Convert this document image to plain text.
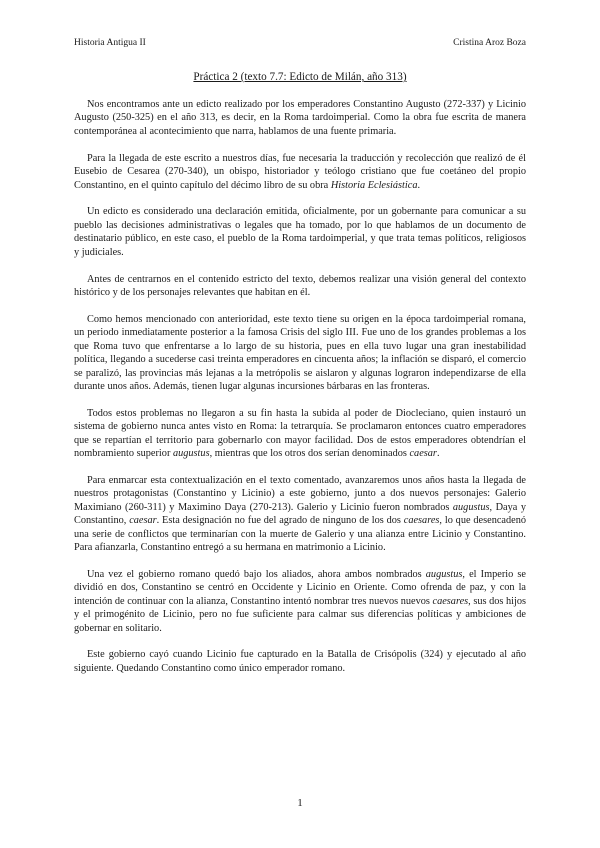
Historia Antigua II	Cristina Aroz Boza
Práctica 2 (texto 7.7: Edicto de Milán, año 313)

Nos encontramos ante un edicto realizado por los emperadores Constantino Augusto (272-337) y Licinio Augusto (250-325) en el año 313, es decir, en la Roma tardoimperial. Como la obra fue escrita de manera contemporánea al acontecimiento que narra, hablamos de una fuente primaria.

Para la llegada de este escrito a nuestros días, fue necesaria la traducción y recolección que realizó de él Eusebio de Cesarea (270-340), un obispo, historiador y teólogo cristiano que fue coetáneo del propio Constantino, en el quinto capítulo del décimo libro de su obra Historia Eclesiástica.

Un edicto es considerado una declaración emitida, oficialmente, por un gobernante para comunicar a su pueblo las decisiones administrativas o legales que ha tomado, por lo que hablamos de un documento de destinatario público, en este caso, el pueblo de la Roma tardoimperial, y que trata temas políticos, religiosos y judiciales.

Antes de centrarnos en el contenido estricto del texto, debemos realizar una visión general del contexto histórico y de los personajes relevantes que habitan en él.

Como hemos mencionado con anterioridad, este texto tiene su origen en la época tardoimperial romana, un periodo inmediatamente posterior a la famosa Crisis del siglo III. Fue uno de los grandes problemas a los que Roma tuvo que enfrentarse a lo largo de su historia, pues en ella tuvo lugar una gran inestabilidad política, llegando a sucederse casi treinta emperadores en cincuenta años; la inflación se disparó, el comercio se paralizó, las provincias más lejanas a la metrópolis se aislaron y algunas lograron independizarse de ella durante unos años. Además, tienen lugar algunas incursiones bárbaras en las fronteras.

Todos estos problemas no llegaron a su fin hasta la subida al poder de Diocleciano, quien instauró un sistema de gobierno nunca antes visto en Roma: la tetrarquía. Se proclamaron entonces cuatro emperadores que se repartían el territorio para gobernarlo con mayor facilidad. Dos de estos emperadores obtendrían el nombramiento superior augustus, mientras que los otros dos serían denominados caesar.

Para enmarcar esta contextualización en el texto comentado, avanzaremos unos años hasta la llegada de nuestros protagonistas (Constantino y Licinio) a este gobierno, junto a dos nuevos personajes: Galerio Maximiano (260-311) y Maximino Daya (270-213). Galerio y Licinio fueron nombrados augustus, Daya y Constantino, caesar. Esta designación no fue del agrado de ninguno de los dos caesares, lo que desencadenó una serie de conflictos que terminarían con la muerte de Galerio y una alianza entre Licinio y Constantino. Para afianzarla, Constantino entregó a su hermana en matrimonio a Licinio.

Una vez el gobierno romano quedó bajo los aliados, ahora ambos nombrados augustus, el Imperio se dividió en dos, Constantino se centró en Occidente y Licinio en Oriente. Como ofrenda de paz, y con la intención de continuar con la alianza, Constantino intentó nombrar tres nuevos nuevos caesares, sus dos hijos y el primogénito de Licinio, pero no fue suficiente para calmar sus diferencias políticas y ambiciones de gobernar en solitario.

Este gobierno cayó cuando Licinio fue capturado en la Batalla de Crisópolis (324) y ejecutado al año siguiente. Quedando Constantino como único emperador romano.

1
